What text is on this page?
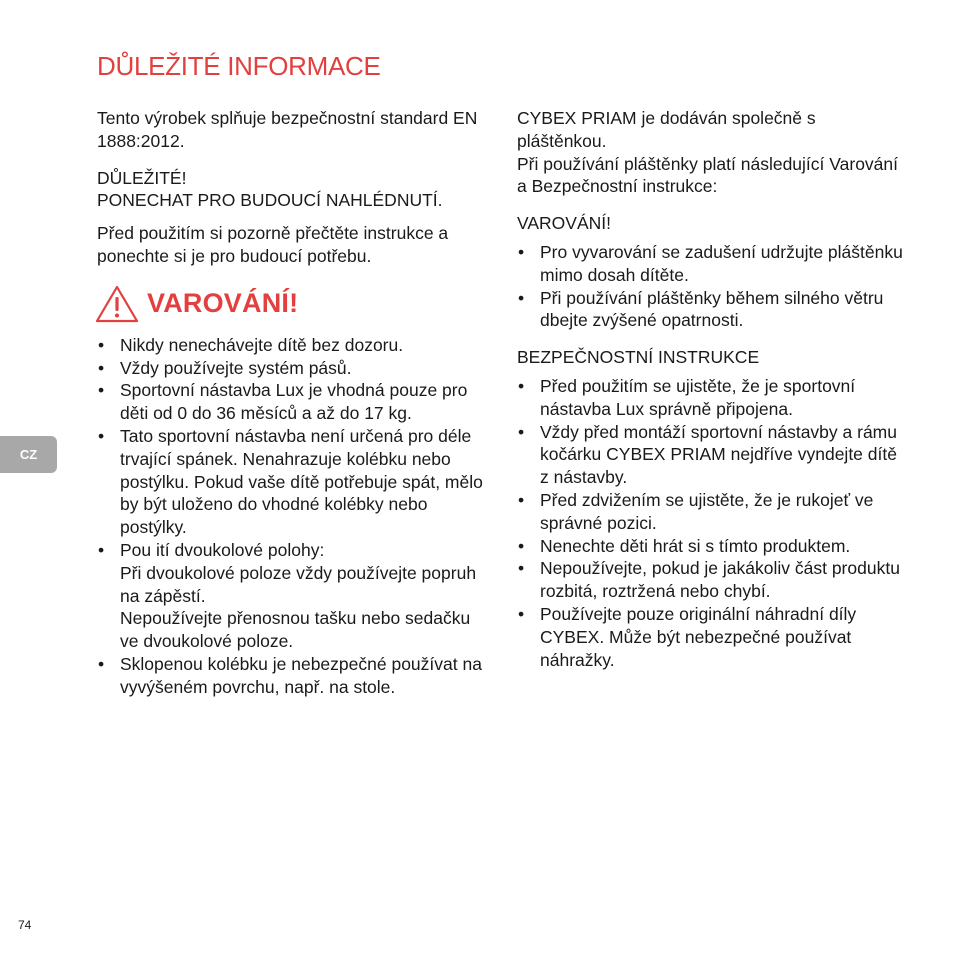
DŮLEŽITÉ INFORMACE

Tento výrobek splňuje bezpečnostní standard EN 1888:2012.

DŮLEŽITÉ!

PONECHAT PRO BUDOUCÍ NAHLÉDNUTÍ.

Před použitím si pozorně přečtěte instrukce a ponechte si je pro budoucí potřebu.

VAROVÁNÍ!
• Nikdy nenechávejte dítě bez dozoru.
• Vždy používejte systém pásů.
• Sportovní nástavba Lux je vhodná pouze pro děti od 0 do 36 měsíců a až do 17 kg.
• Tato sportovní nástavba není určená pro déle trvající spánek. Nenahrazuje kolébku nebo postýlku. Pokud vaše dítě potřebuje spát, mělo by být uloženo do vhodné kolébky nebo postýlky.
• Pou ití dvoukolové polohy:
Při dvoukolové poloze vždy používejte popruh na zápěstí.
Nepoužívejte přenosnou tašku nebo sedačku ve dvoukolové poloze.
• Sklopenou kolébku je nebezpečné používat na vyvýšeném povrchu, např. na stole.

CYBEX PRIAM je dodáván společně s pláštěnkou.

Při používání pláštěnky platí následující Varování a Bezpečnostní instrukce:

VAROVÁNÍ!

• Pro vyvarování se zadušení udržujte pláštěnku mimo dosah dítěte.
• Při používání pláštěnky během silného větru dbejte zvýšené opatrnosti.

BEZPEČNOSTNÍ INSTRUKCE

• Před použitím se ujistěte, že je sportovní nástavba Lux správně připojena.
• Vždy před montáží sportovní nástavby a rámu kočárku CYBEX PRIAM nejdříve vyndejte dítě z nástavby.
• Před zdvižením se ujistěte, že je rukojeť ve správné pozici.
• Nenechte děti hrát si s tímto produktem.
• Nepoužívejte, pokud je jakákoliv část produktu rozbitá, roztržená nebo chybí.
• Používejte pouze originální náhradní díly CYBEX. Může být nebezpečné používat náhražky.
CZ
74
